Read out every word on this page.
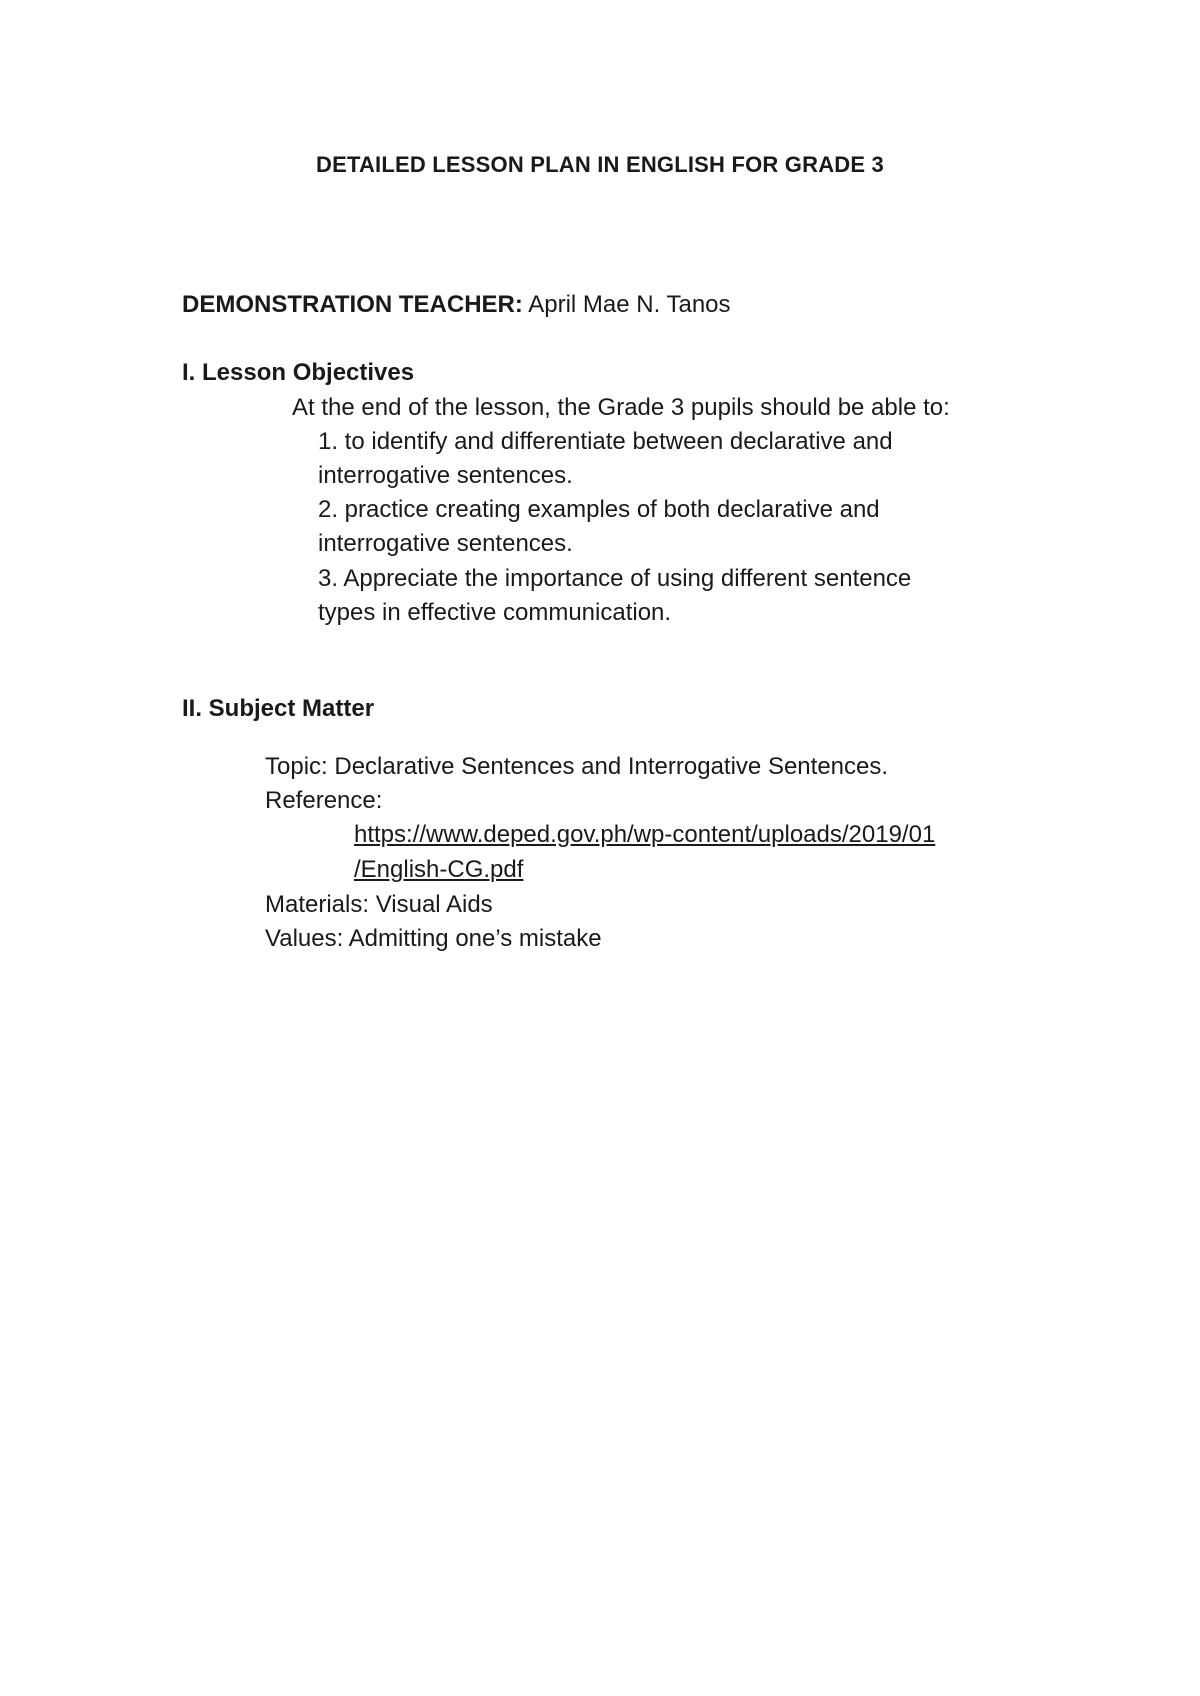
DETAILED LESSON PLAN IN ENGLISH FOR GRADE 3
DEMONSTRATION TEACHER: April Mae N. Tanos
I. Lesson Objectives
At the end of the lesson, the Grade 3 pupils should be able to:
1. to identify and differentiate between declarative and
interrogative sentences.
2. practice creating examples of both declarative and
interrogative sentences.
3. Appreciate the importance of using different sentence
types in effective communication.
II. Subject Matter
Topic: Declarative Sentences and Interrogative Sentences.
Reference:
https://www.deped.gov.ph/wp-content/uploads/2019/01
/English-CG.pdf
Materials: Visual Aids
Values: Admitting one’s mistake
